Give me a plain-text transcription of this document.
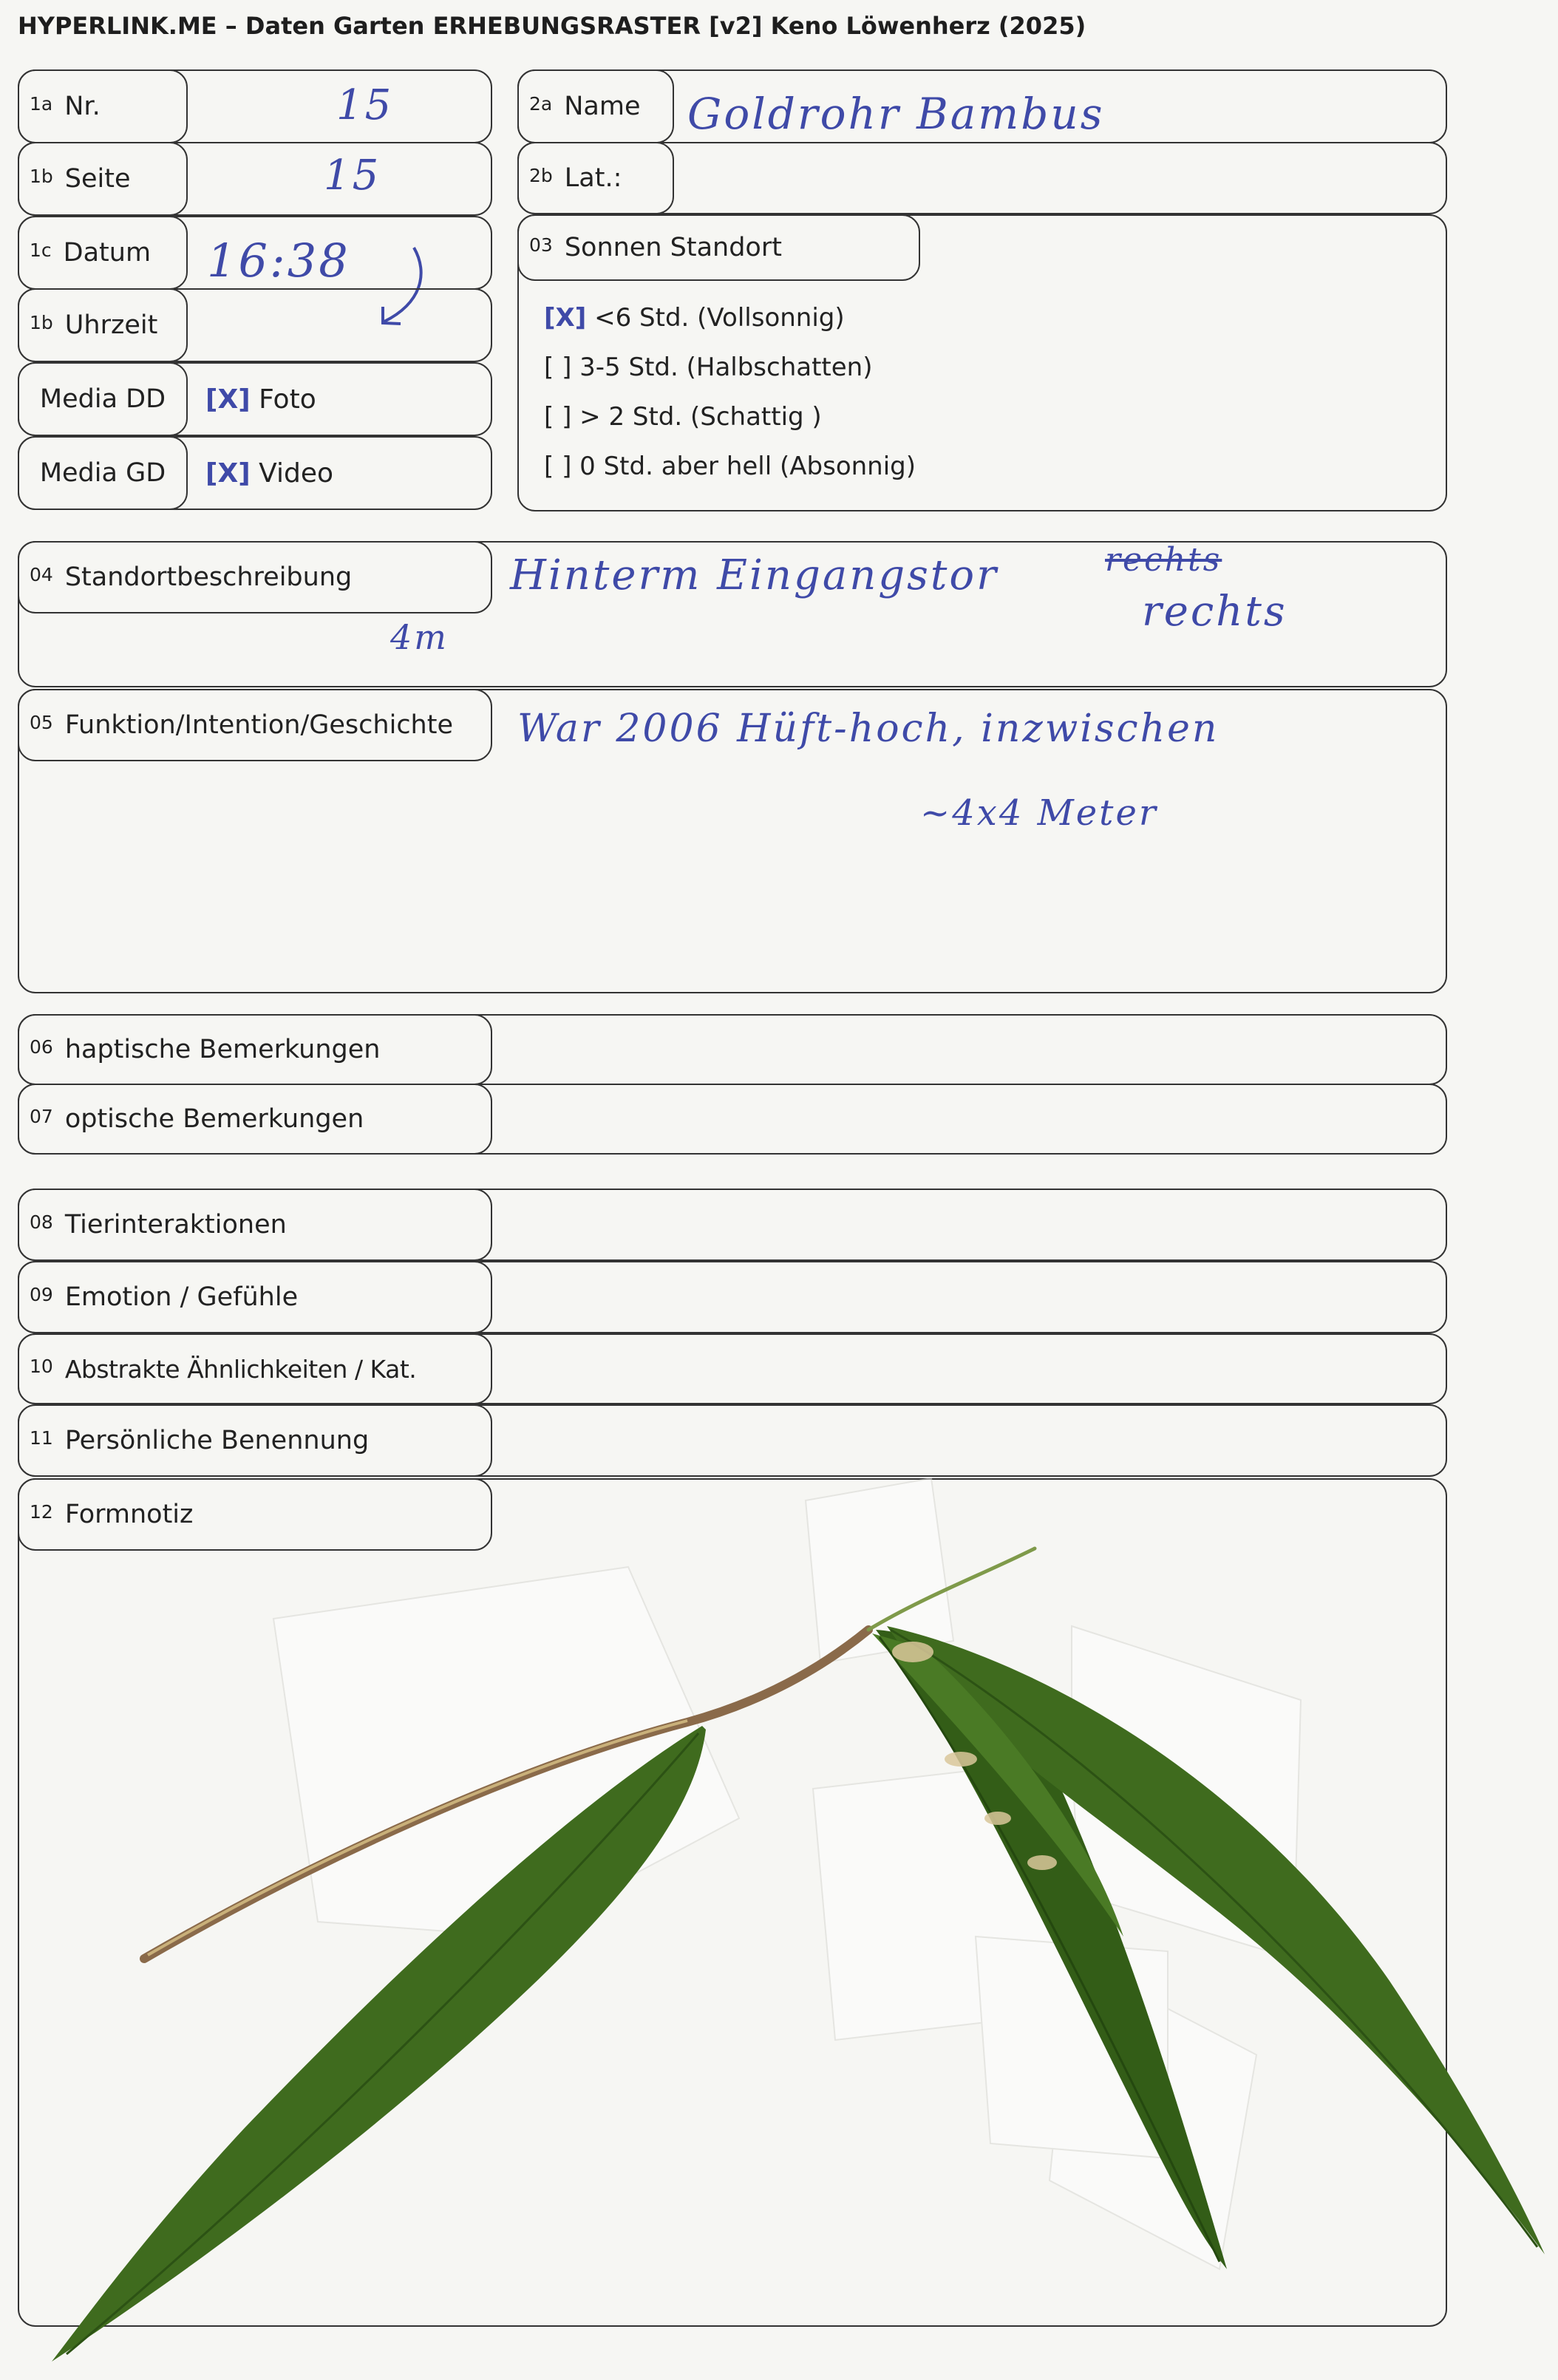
HYPERLINK.ME – Daten Garten ERHEBUNGSRASTER [v2] Keno Löwenherz (2025)
1a Nr.	15
1b Seite	15
1c Datum 16:38
1b Uhrzeit
Media DD [X] Foto
Media GD [X] Video
2a Name Goldrohr Bambus
2b Lat.:
03 Sonnen Standort
[X] <6 Std. (Vollsonnig)
[ ] 3-5 Std. (Halbschatten)
[ ] > 2 Std. (Schattig )
[ ] 0 Std. aber hell (Absonnig)
04 Standortbeschreibung	Hinterm Eingangstor	rechts
rechts
4m
05 Funktion/Intention/Geschichte War 2006 Hüft-hoch, inzwischen
~4x4 Meter
06 haptische Bemerkungen
07 optische Bemerkungen
08 Tierinteraktionen
09 Emotion / Gefühle
10 Abstrakte Ähnlichkeiten / Kat.
11 Persönliche Benennung
12 Formnotiz
